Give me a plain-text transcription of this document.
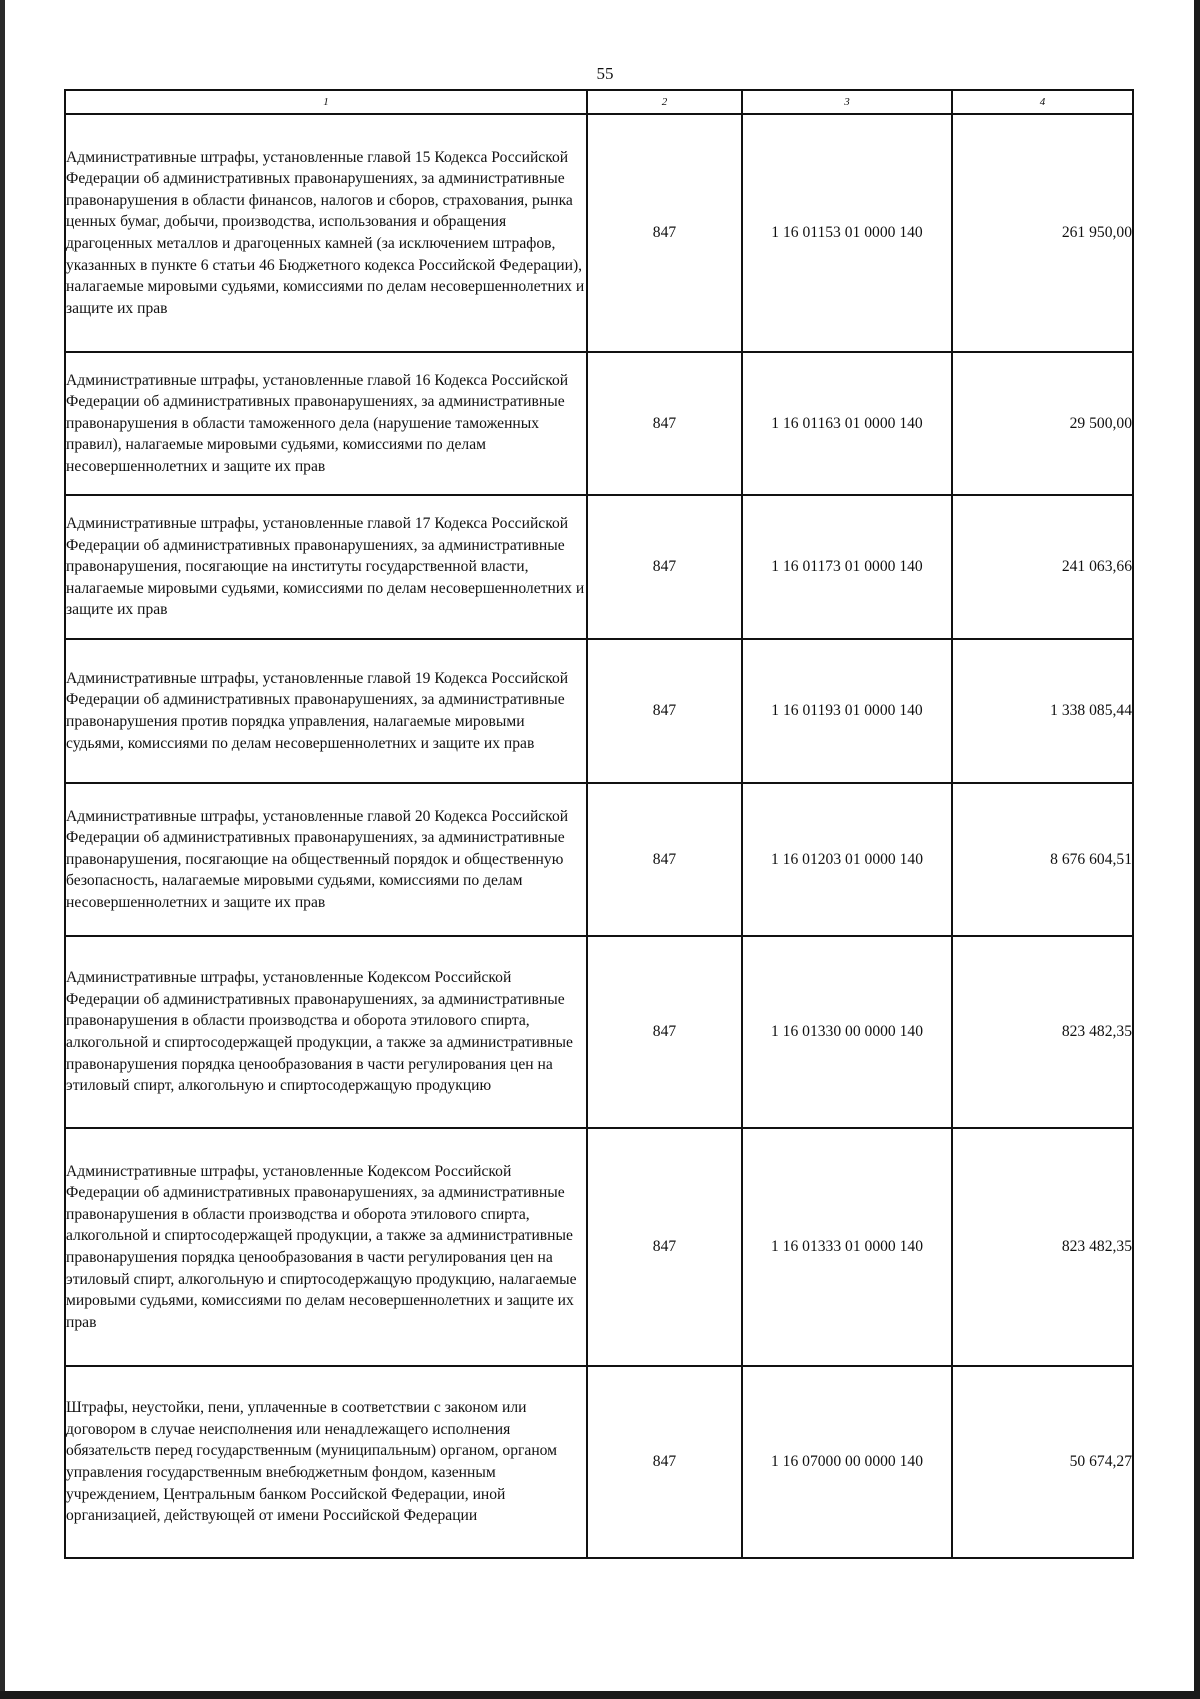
55
1	2	3	4
Административные штрафы, установленные главой 15 Кодекса Российской Федерации об административных правонарушениях, за административные правонарушения в области финансов, налогов и сборов, страхования, рынка ценных бумаг, добычи, производства, использования и обращения драгоценных металлов и драгоценных камней (за исключением штрафов, указанных в пункте 6 статьи 46 Бюджетного кодекса Российской Федерации), налагаемые мировыми судьями, комиссиями по делам несовершеннолетних и защите их прав	847	1 16 01153 01 0000 140	261 950,00
Административные штрафы, установленные главой 16 Кодекса Российской Федерации об административных правонарушениях, за административные правонарушения в области таможенного дела (нарушение таможенных правил), налагаемые мировыми судьями, комиссиями по делам несовершеннолетних и защите их прав	847	1 16 01163 01 0000 140	29 500,00
Административные штрафы, установленные главой 17 Кодекса Российской Федерации об административных правонарушениях, за административные правонарушения, посягающие на институты государственной власти, налагаемые мировыми судьями, комиссиями по делам несовершеннолетних и защите их прав	847	1 16 01173 01 0000 140	241 063,66
Административные штрафы, установленные главой 19 Кодекса Российской Федерации об административных правонарушениях, за административные правонарушения против порядка управления, налагаемые мировыми судьями, комиссиями по делам несовершеннолетних и защите их прав	847	1 16 01193 01 0000 140	1 338 085,44
Административные штрафы, установленные главой 20 Кодекса Российской Федерации об административных правонарушениях, за административные правонарушения, посягающие на общественный порядок и общественную безопасность, налагаемые мировыми судьями, комиссиями по делам несовершеннолетних и защите их прав	847	1 16 01203 01 0000 140	8 676 604,51
Административные штрафы, установленные Кодексом Российской Федерации об административных правонарушениях, за административные правонарушения в области производства и оборота этилового спирта, алкогольной и спиртосодержащей продукции, а также за административные правонарушения порядка ценообразования в части регулирования цен на этиловый спирт, алкогольную и спиртосодержащую продукцию	847	1 16 01330 00 0000 140	823 482,35
Административные штрафы, установленные Кодексом Российской Федерации об административных правонарушениях, за административные правонарушения в области производства и оборота этилового спирта, алкогольной и спиртосодержащей продукции, а также за административные правонарушения порядка ценообразования в части регулирования цен на этиловый спирт, алкогольную и спиртосодержащую продукцию, налагаемые мировыми судьями, комиссиями по делам несовершеннолетних и защите их прав	847	1 16 01333 01 0000 140	823 482,35
Штрафы, неустойки, пени, уплаченные в соответствии с законом или договором в случае неисполнения или ненадлежащего исполнения обязательств перед государственным (муниципальным) органом, органом управления государственным внебюджетным фондом, казенным учреждением, Центральным банком Российской Федерации, иной организацией, действующей от имени Российской Федерации	847	1 16 07000 00 0000 140	50 674,27
